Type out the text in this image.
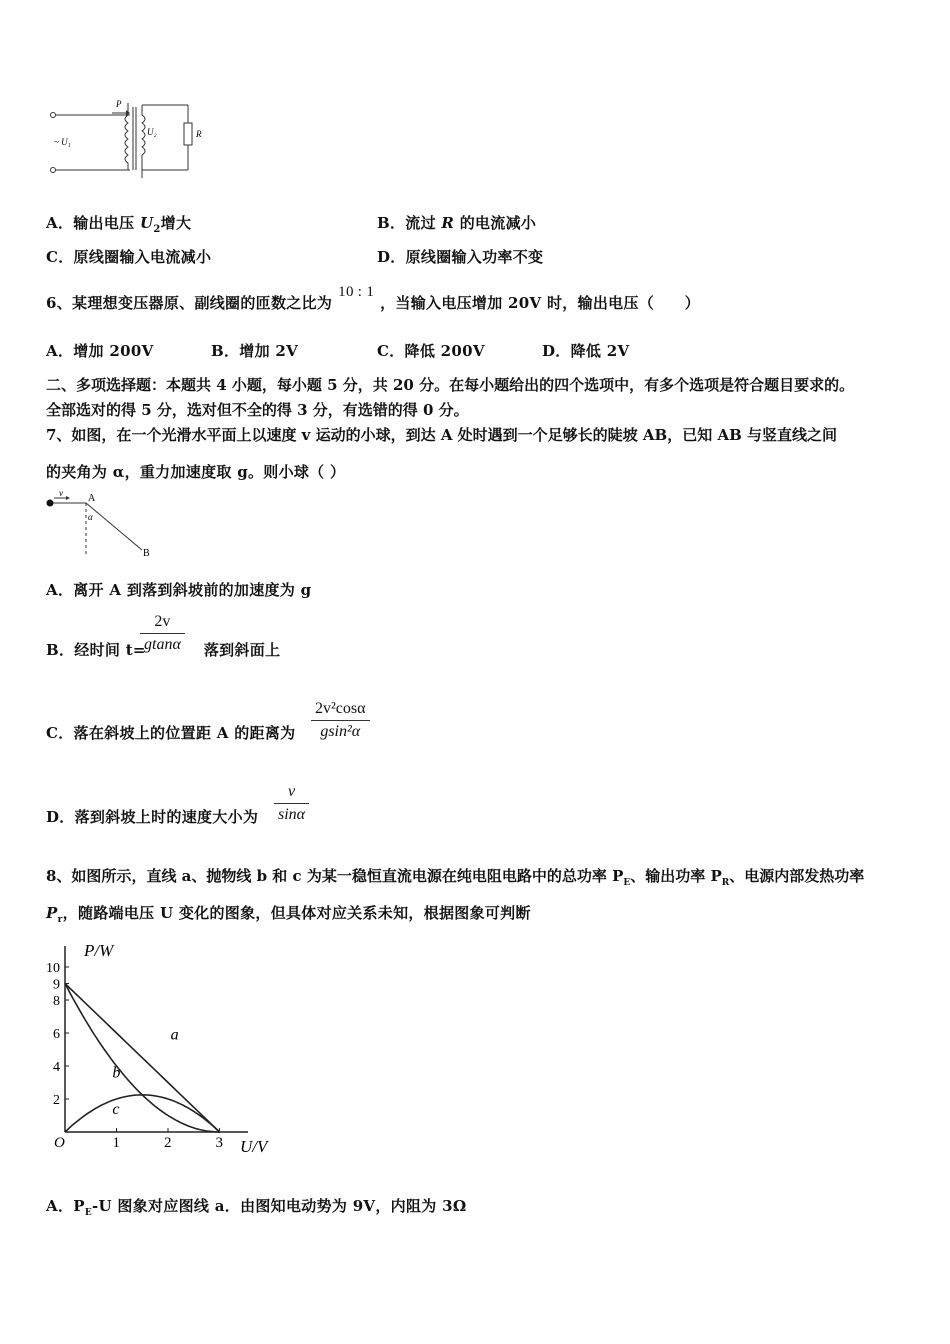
P
~ U₁
U₂	R
A．输出电压 $U_2$增大	B．流过 R 的电流减小
C．原线圈输入电流减小	D．原线圈输入功率不变
6、某理想变压器原、副线圈的匝数之比为10 : 1，当输入电压增加 20V 时，输出电压（　　）
A．增加 200V	B．增加 2V	C．降低 200V	D．降低 2V
二、多项选择题：本题共 4 小题，每小题 5 分，共 20 分。在每小题给出的四个选项中，有多个选项是符合题目要求的。
全部选对的得 5 分，选对但不全的得 3 分，有选错的得 0 分。
7、如图，在一个光滑水平面上以速度 v 运动的小球，到达 A 处时遇到一个足够长的陡坡 AB，已知 AB 与竖直线之间
的夹角为 α，重力加速度取 g。则小球（ ）
v	A
α
B
A．离开 A 到落到斜坡前的加速度为 g
B．经时间 t=	落到斜面上
$\frac{2v}{gtan\alpha}$
C．落在斜坡上的位置距 A 的距离为 $\frac{\text{2v²cosα}}{\text{gsin²α}}$
D．落到斜坡上时的速度大小为 $\frac{v}{\sin\alpha}$
8、如图所示，直线 a、抛物线 b 和 c 为某一稳恒直流电源在纯电阻电路中的总功率 $P_E$、输出功率 $P_R$、电源内部发热功率
$P_r$，随路端电压 U 变化的图象，但具体对应关系未知，根据图象可判断
P/W
U/V
O	1	2	3
2
4
6
8
9
10
a
b
c
A．$P_E-U$ 图象对应图线 a．由图知电动势为 9V，内阻为 3Ω
